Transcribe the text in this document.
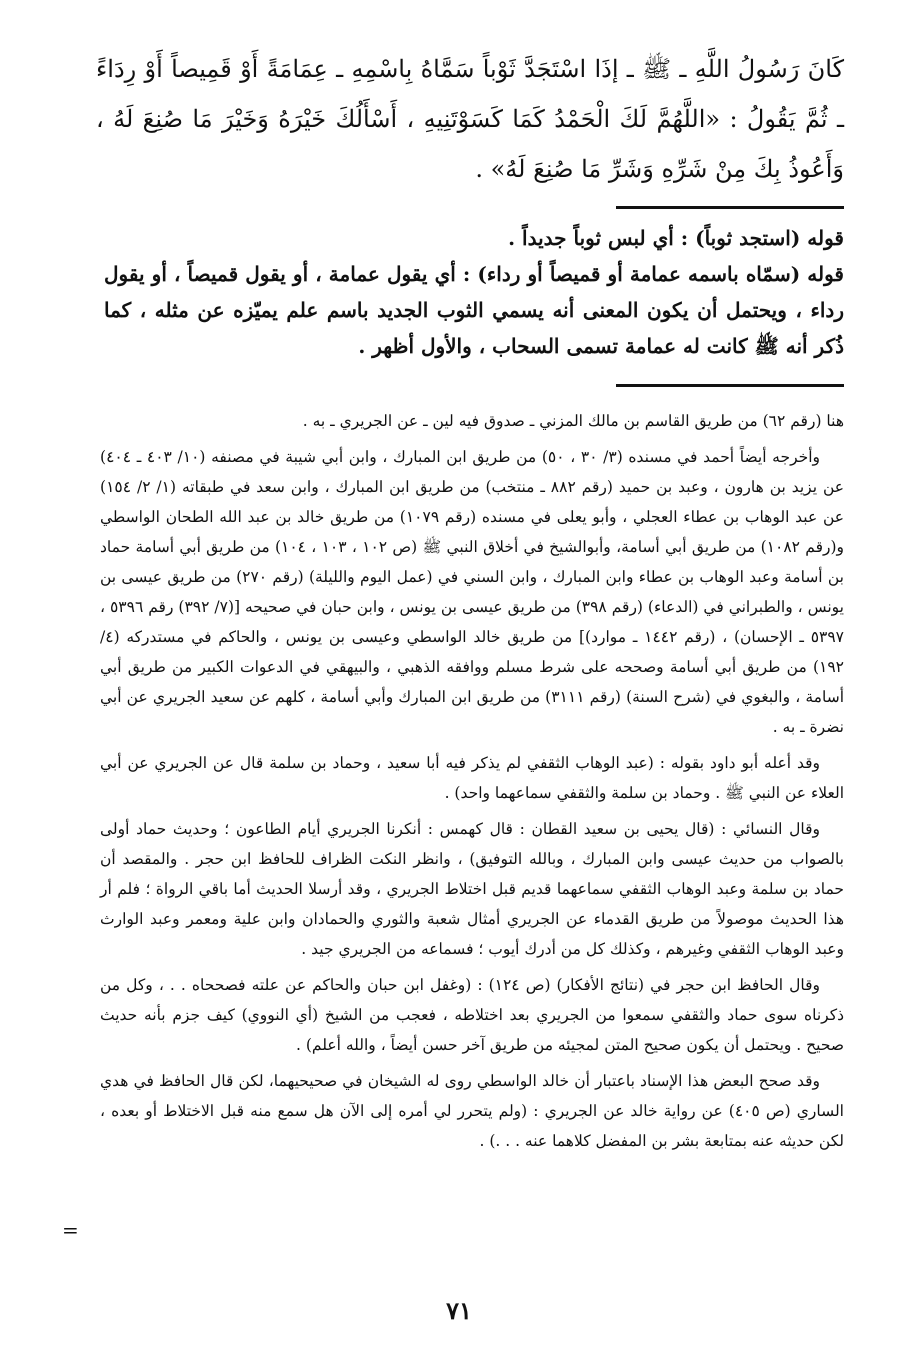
كَانَ رَسُولُ اللَّهِ ـ ﷺ ـ إذَا اسْتَجَدَّ ثَوْباً سَمَّاهُ بِاسْمِهِ ـ عِمَامَةً أَوْ قَمِيصاً أَوْ رِدَاءً ـ ثُمَّ يَقُولُ : «اللَّهُمَّ لَكَ الْحَمْدُ كَمَا كَسَوْتَنِيهِ ، أَسْأَلُكَ خَيْرَهُ وَخَيْرَ مَا صُنِعَ لَهُ ، وَأَعُوذُ بِكَ مِنْ شَرِّهِ وَشَرِّ مَا صُنِعَ لَهُ» .

قوله (استجد ثوباً) : أي لبس ثوباً جديداً .

قوله (سمّاه باسمه عمامة أو قميصاً أو رداء) : أي يقول عمامة ، أو يقول قميصاً ، أو يقول رداء ، ويحتمل أن يكون المعنى أنه يسمي الثوب الجديد باسم علم يميّزه عن مثله ، كما ذُكر أنه ﷺ كانت له عمامة تسمى السحاب ، والأول أظهر .

هنا (رقم ٦٢) من طريق القاسم بن مالك المزني ـ صدوق فيه لين ـ عن الجريري ـ به .

وأخرجه أيضاً أحمد في مسنده (٣/ ٣٠ ، ٥٠) من طريق ابن المبارك ، وابن أبي شيبة في مصنفه (١٠/ ٤٠٣ ـ ٤٠٤) عن يزيد بن هارون ، وعبد بن حميد (رقم ٨٨٢ ـ منتخب) من طريق ابن المبارك ، وابن سعد في طبقاته (١/ ٢/ ١٥٤) عن عبد الوهاب بن عطاء العجلي ، وأبو يعلى في مسنده (رقم ١٠٧٩) من طريق خالد بن عبد الله الطحان الواسطي و(رقم ١٠٨٢) من طريق أبي أسامة، وأبوالشيخ في أخلاق النبي ﷺ (ص ١٠٢ ، ١٠٣ ، ١٠٤) من طريق أبي أسامة حماد بن أسامة وعبد الوهاب بن عطاء وابن المبارك ، وابن السني في (عمل اليوم والليلة) (رقم ٢٧٠) من طريق عيسى بن يونس ، والطبراني في (الدعاء) (رقم ٣٩٨) من طريق عيسى بن يونس ، وابن حبان في صحيحه [(٧/ ٣٩٢) رقم ٥٣٩٦ ، ٥٣٩٧ ـ الإحسان) ، (رقم ١٤٤٢ ـ موارد)] من طريق خالد الواسطي وعيسى بن يونس ، والحاكم في مستدركه (٤/ ١٩٢) من طريق أبي أسامة وصححه على شرط مسلم ووافقه الذهبي ، والبيهقي في الدعوات الكبير من طريق أبي أسامة ، والبغوي في (شرح السنة) (رقم ٣١١١) من طريق ابن المبارك وأبي أسامة ، كلهم عن سعيد الجريري عن أبي نضرة ـ به .

وقد أعله أبو داود بقوله : (عبد الوهاب الثقفي لم يذكر فيه أبا سعيد ، وحماد بن سلمة قال عن الجريري عن أبي العلاء عن النبي ﷺ . وحماد بن سلمة والثقفي سماعهما واحد) .

وقال النسائي : (قال يحيى بن سعيد القطان : قال كهمس : أنكرنا الجريري أيام الطاعون ؛ وحديث حماد أولى بالصواب من حديث عيسى وابن المبارك ، وبالله التوفيق) ، وانظر النكت الظراف للحافظ ابن حجر . والمقصد أن حماد بن سلمة وعبد الوهاب الثقفي سماعهما قديم قبل اختلاط الجريري ، وقد أرسلا الحديث أما باقي الرواة ؛ فلم أر هذا الحديث موصولاً من طريق القدماء عن الجريري أمثال شعبة والثوري والحمادان وابن علية ومعمر وعبد الوارث وعبد الوهاب الثقفي وغيرهم ، وكذلك كل من أدرك أيوب ؛ فسماعه من الجريري جيد .

وقال الحافظ ابن حجر في (نتائج الأفكار) (ص ١٢٤) : (وغفل ابن حبان والحاكم عن علته فصححاه . . ، وكل من ذكرناه سوى حماد والثقفي سمعوا من الجريري بعد اختلاطه ، فعجب من الشيخ (أي النووي) كيف جزم بأنه حديث صحيح . ويحتمل أن يكون صحيح المتن لمجيئه من طريق آخر حسن أيضاً ، والله أعلم) .

وقد صحح البعض هذا الإسناد باعتبار أن خالد الواسطي روى له الشيخان في صحيحيهما، لكن قال الحافظ في هدي الساري (ص ٤٠٥) عن رواية خالد عن الجريري : (ولم يتحرر لي أمره إلى الآن هل سمع منه قبل الاختلاط أو بعده ، لكن حديثه عنه بمتابعة بشر بن المفضل كلاهما عنه . . .) .

=
٧١
